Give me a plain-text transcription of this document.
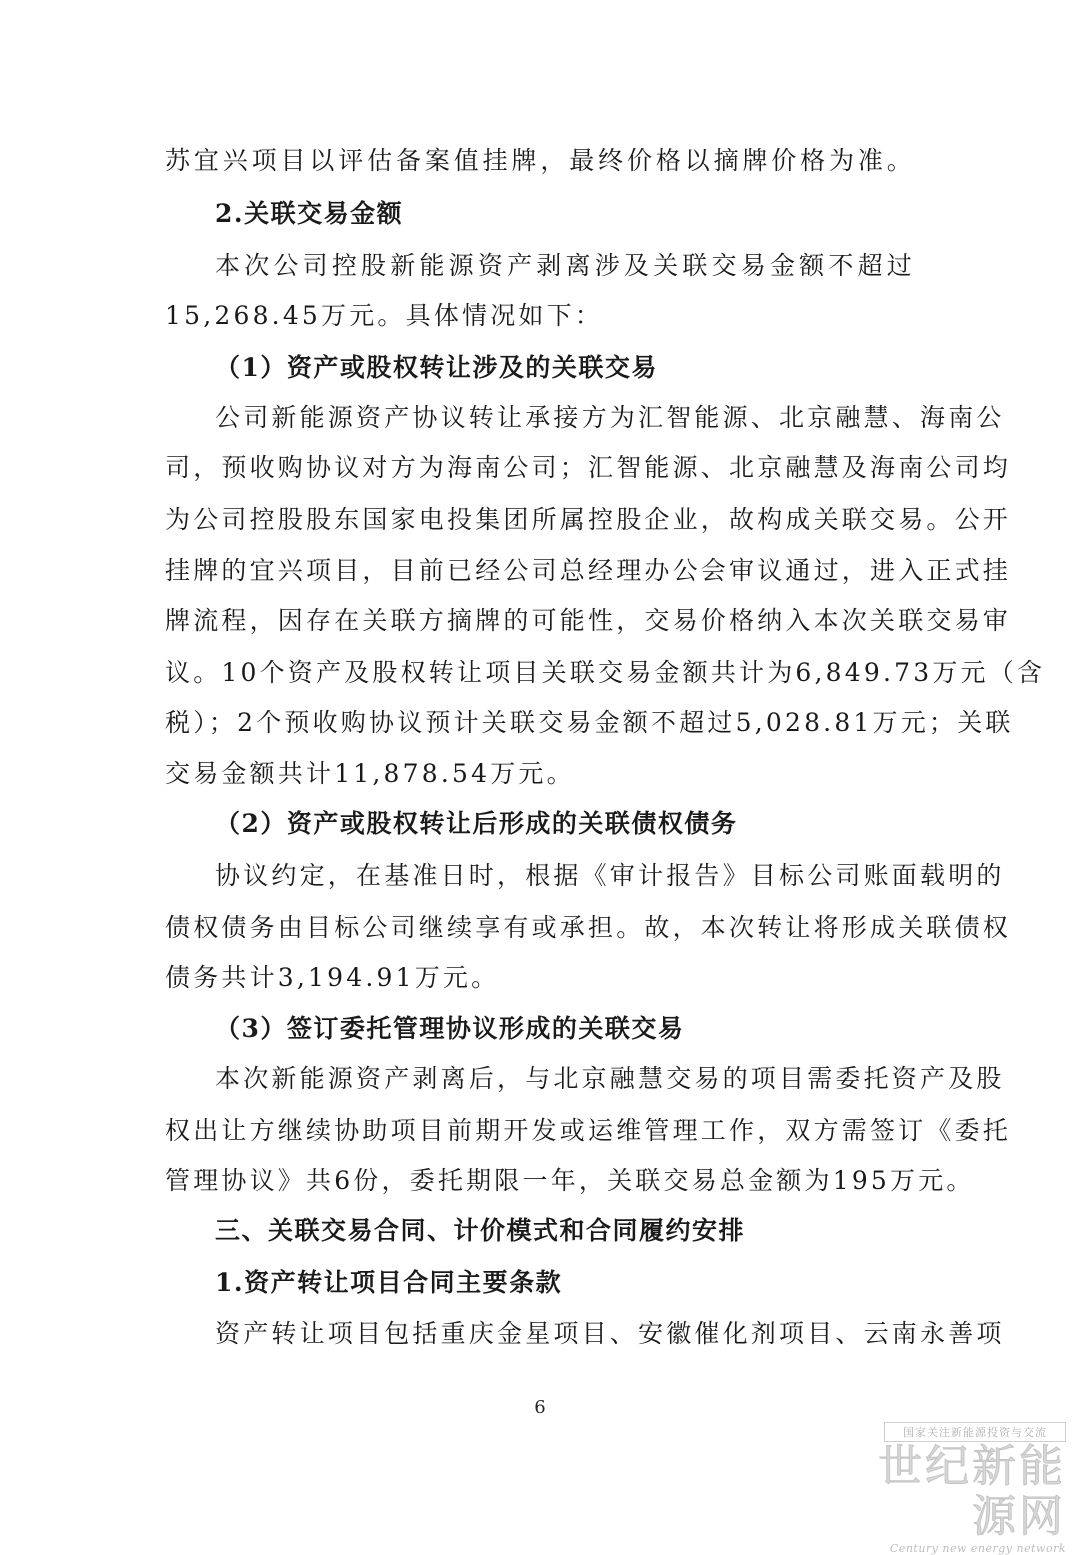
苏宜兴项目以评估备案值挂牌，最终价格以摘牌价格为准。
2.关联交易金额
本次公司控股新能源资产剥离涉及关联交易金额不超过
15,268.45万元。具体情况如下：
（1）资产或股权转让涉及的关联交易
公司新能源资产协议转让承接方为汇智能源、北京融慧、海南公
司，预收购协议对方为海南公司；汇智能源、北京融慧及海南公司均
为公司控股股东国家电投集团所属控股企业，故构成关联交易。公开
挂牌的宜兴项目，目前已经公司总经理办公会审议通过，进入正式挂
牌流程，因存在关联方摘牌的可能性，交易价格纳入本次关联交易审
议。10个资产及股权转让项目关联交易金额共计为6,849.73万元（含
税）；2个预收购协议预计关联交易金额不超过5,028.81万元；关联
交易金额共计11,878.54万元。
（2）资产或股权转让后形成的关联债权债务
协议约定，在基准日时，根据《审计报告》目标公司账面载明的
债权债务由目标公司继续享有或承担。故，本次转让将形成关联债权
债务共计3,194.91万元。
（3）签订委托管理协议形成的关联交易
本次新能源资产剥离后，与北京融慧交易的项目需委托资产及股
权出让方继续协助项目前期开发或运维管理工作，双方需签订《委托
管理协议》共6份，委托期限一年，关联交易总金额为195万元。
三、关联交易合同、计价模式和合同履约安排
1.资产转让项目合同主要条款
资产转让项目包括重庆金星项目、安徽催化剂项目、云南永善项
6
国家关注新能源投资与交流
世纪新能源网
Century new energy network
